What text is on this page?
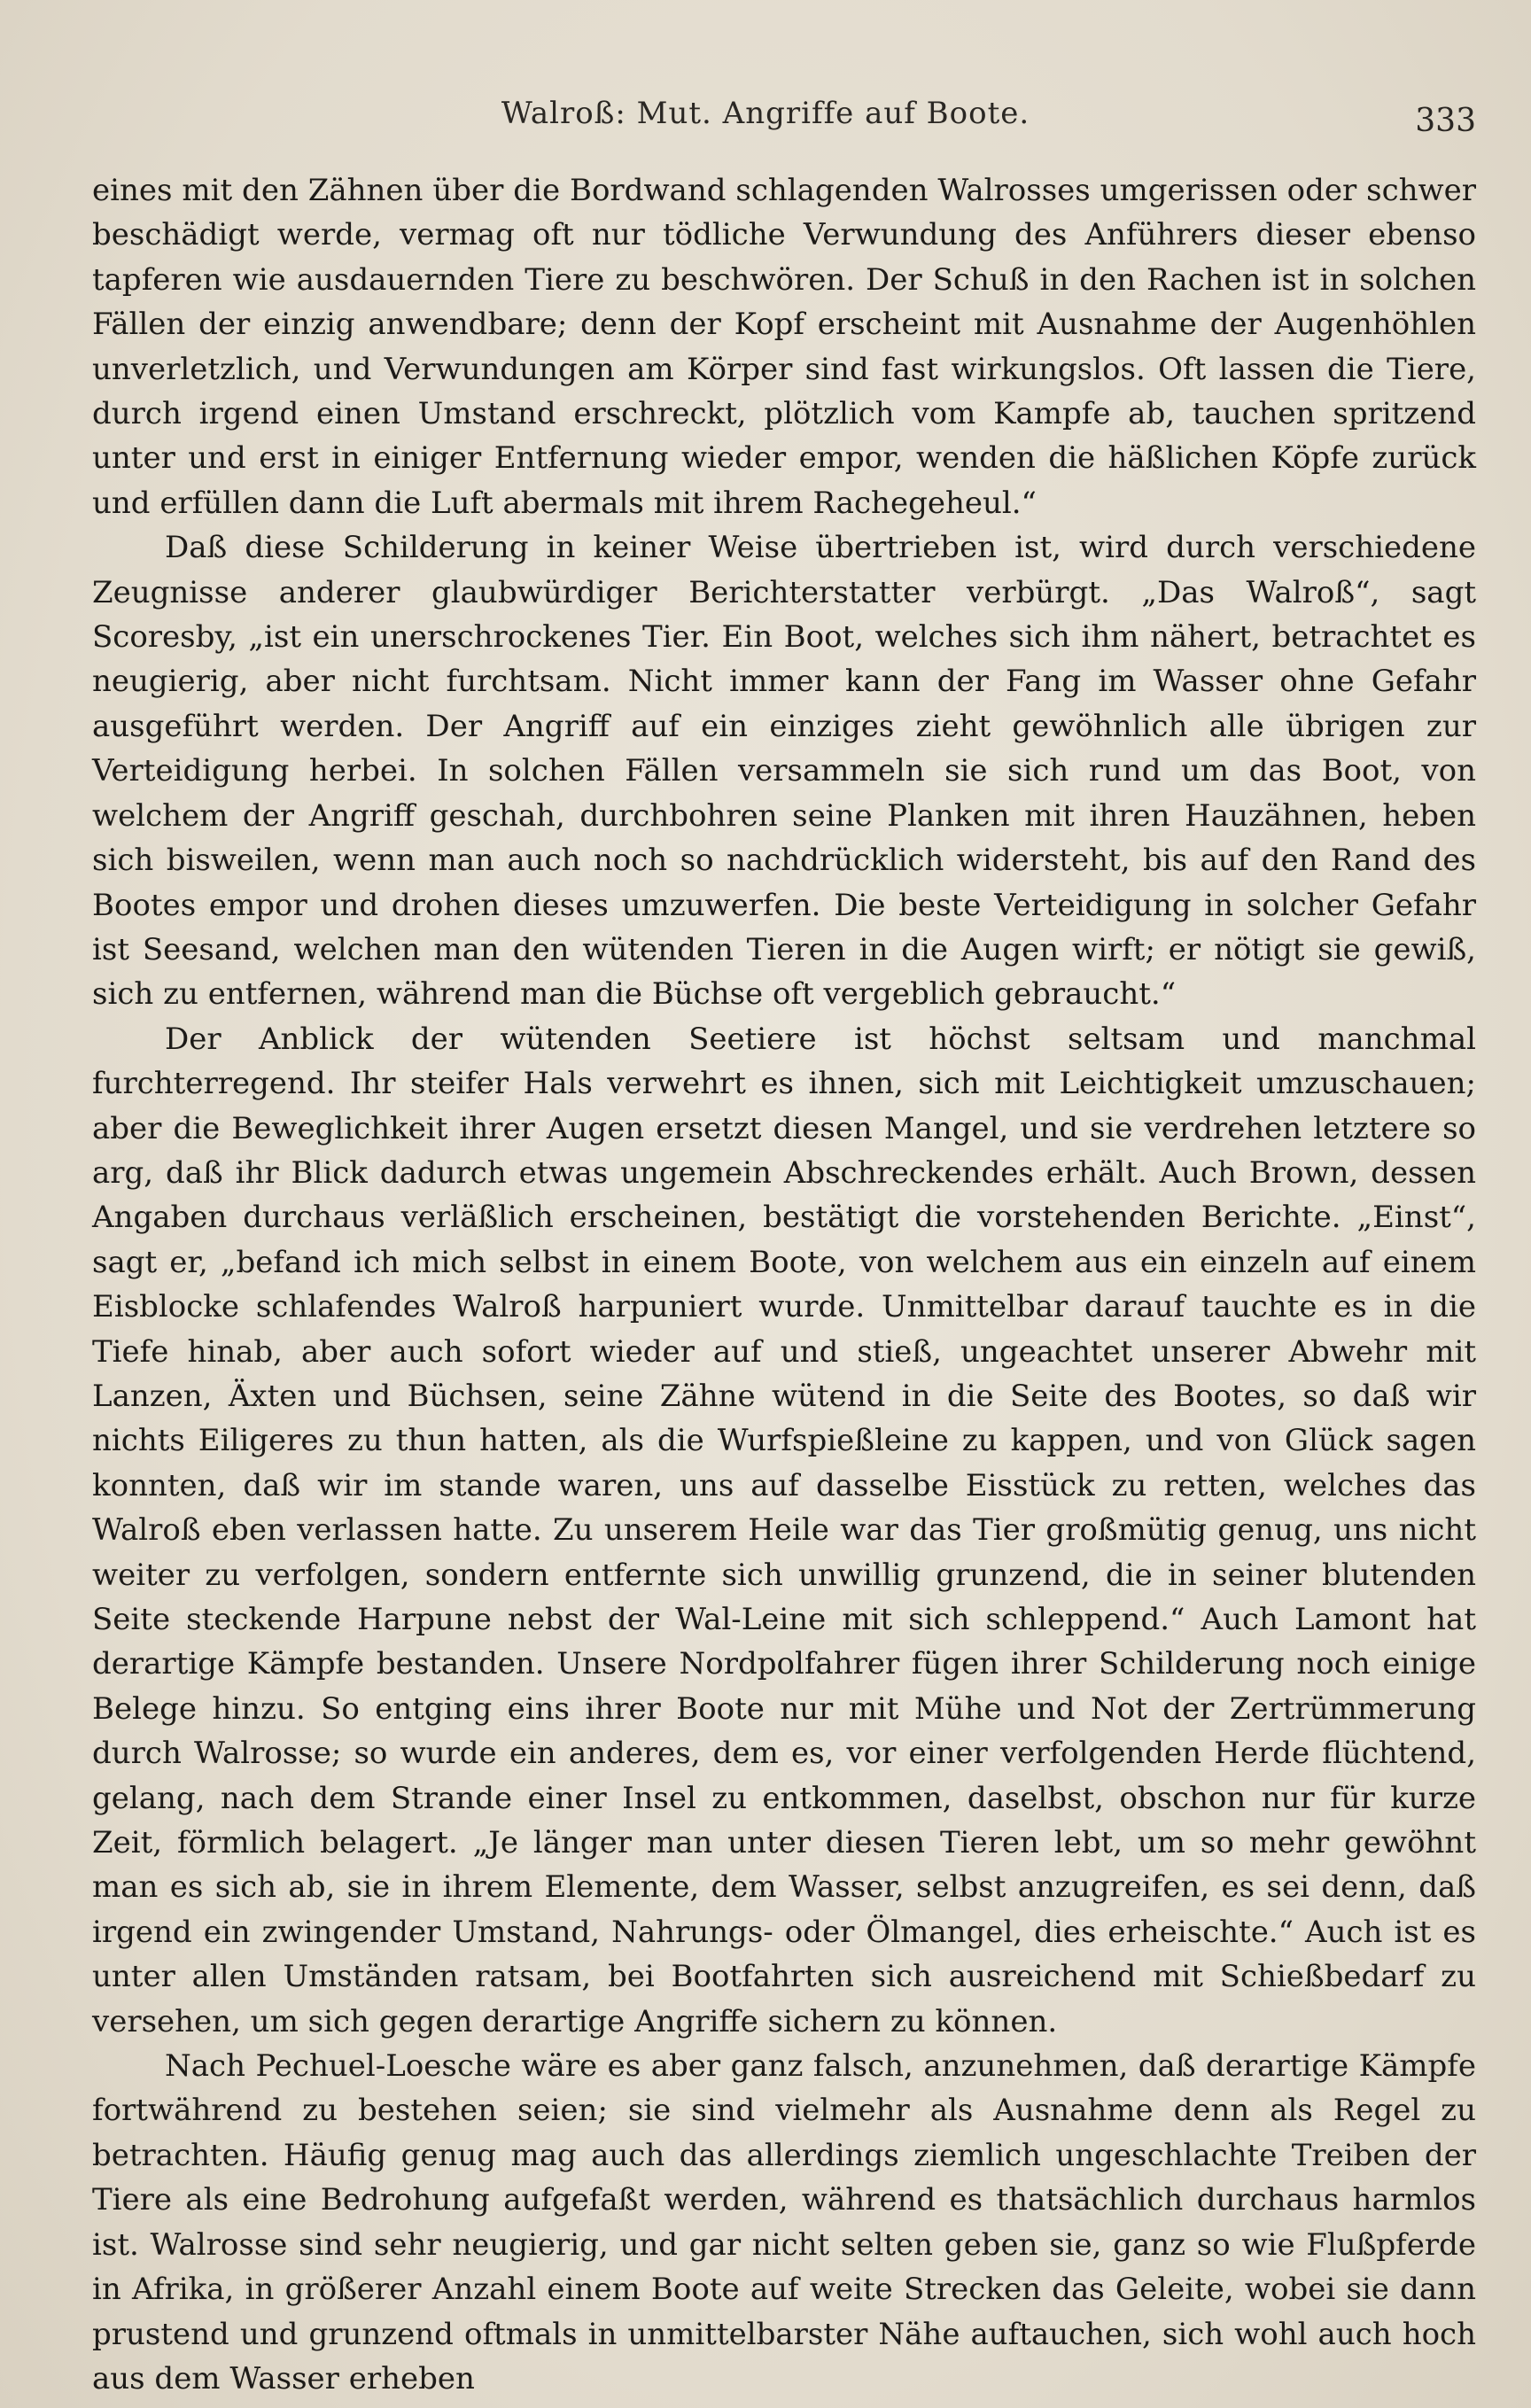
Walroß: Mut. Angriffe auf Boote.	333

eines mit den Zähnen über die Bordwand schlagenden Walrosses umgerissen oder schwer beschädigt werde, vermag oft nur tödliche Verwundung des Anführers dieser ebenso tapferen wie ausdauernden Tiere zu beschwören. Der Schuß in den Rachen ist in solchen Fällen der einzig anwendbare; denn der Kopf erscheint mit Ausnahme der Augenhöhlen unverletzlich, und Verwundungen am Körper sind fast wirkungslos. Oft lassen die Tiere, durch irgend einen Umstand erschreckt, plötzlich vom Kampfe ab, tauchen spritzend unter und erst in einiger Entfernung wieder empor, wenden die häßlichen Köpfe zurück und erfüllen dann die Luft abermals mit ihrem Rachegeheul.“

Daß diese Schilderung in keiner Weise übertrieben ist, wird durch verschiedene Zeugnisse anderer glaubwürdiger Berichterstatter verbürgt. „Das Walroß“, sagt Scoresby, „ist ein unerschrockenes Tier. Ein Boot, welches sich ihm nähert, betrachtet es neugierig, aber nicht furchtsam. Nicht immer kann der Fang im Wasser ohne Gefahr ausgeführt werden. Der Angriff auf ein einziges zieht gewöhnlich alle übrigen zur Verteidigung herbei. In solchen Fällen versammeln sie sich rund um das Boot, von welchem der Angriff geschah, durchbohren seine Planken mit ihren Hauzähnen, heben sich bisweilen, wenn man auch noch so nachdrücklich widersteht, bis auf den Rand des Bootes empor und drohen dieses umzuwerfen. Die beste Verteidigung in solcher Gefahr ist Seesand, welchen man den wütenden Tieren in die Augen wirft; er nötigt sie gewiß, sich zu entfernen, während man die Büchse oft vergeblich gebraucht.“

Der Anblick der wütenden Seetiere ist höchst seltsam und manchmal furchterregend. Ihr steifer Hals verwehrt es ihnen, sich mit Leichtigkeit umzuschauen; aber die Beweglichkeit ihrer Augen ersetzt diesen Mangel, und sie verdrehen letztere so arg, daß ihr Blick dadurch etwas ungemein Abschreckendes erhält. Auch Brown, dessen Angaben durchaus verläßlich erscheinen, bestätigt die vorstehenden Berichte. „Einst“, sagt er, „befand ich mich selbst in einem Boote, von welchem aus ein einzeln auf einem Eisblocke schlafendes Walroß harpuniert wurde. Unmittelbar darauf tauchte es in die Tiefe hinab, aber auch sofort wieder auf und stieß, ungeachtet unserer Abwehr mit Lanzen, Äxten und Büchsen, seine Zähne wütend in die Seite des Bootes, so daß wir nichts Eiligeres zu thun hatten, als die Wurfspießleine zu kappen, und von Glück sagen konnten, daß wir im stande waren, uns auf dasselbe Eisstück zu retten, welches das Walroß eben verlassen hatte. Zu unserem Heile war das Tier großmütig genug, uns nicht weiter zu verfolgen, sondern entfernte sich unwillig grunzend, die in seiner blutenden Seite steckende Harpune nebst der Wal-Leine mit sich schleppend.“ Auch Lamont hat derartige Kämpfe bestanden. Unsere Nordpolfahrer fügen ihrer Schilderung noch einige Belege hinzu. So entging eins ihrer Boote nur mit Mühe und Not der Zertrümmerung durch Walrosse; so wurde ein anderes, dem es, vor einer verfolgenden Herde flüchtend, gelang, nach dem Strande einer Insel zu entkommen, daselbst, obschon nur für kurze Zeit, förmlich belagert. „Je länger man unter diesen Tieren lebt, um so mehr gewöhnt man es sich ab, sie in ihrem Elemente, dem Wasser, selbst anzugreifen, es sei denn, daß irgend ein zwingender Umstand, Nahrungs- oder Ölmangel, dies erheischte.“ Auch ist es unter allen Umständen ratsam, bei Bootfahrten sich ausreichend mit Schießbedarf zu versehen, um sich gegen derartige Angriffe sichern zu können.

Nach Pechuel-Loesche wäre es aber ganz falsch, anzunehmen, daß derartige Kämpfe fortwährend zu bestehen seien; sie sind vielmehr als Ausnahme denn als Regel zu betrachten. Häufig genug mag auch das allerdings ziemlich ungeschlachte Treiben der Tiere als eine Bedrohung aufgefaßt werden, während es thatsächlich durchaus harmlos ist. Walrosse sind sehr neugierig, und gar nicht selten geben sie, ganz so wie Flußpferde in Afrika, in größerer Anzahl einem Boote auf weite Strecken das Geleite, wobei sie dann prustend und grunzend oftmals in unmittelbarster Nähe auftauchen, sich wohl auch hoch aus dem Wasser erheben
